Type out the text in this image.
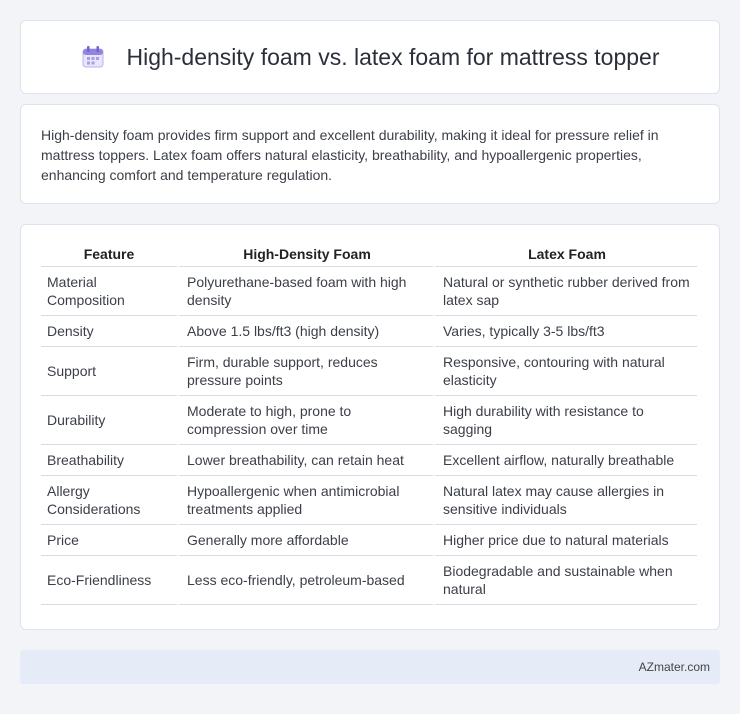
High-density foam vs. latex foam for mattress topper

High-density foam provides firm support and excellent durability, making it ideal for pressure relief in mattress toppers. Latex foam offers natural elasticity, breathability, and hypoallergenic properties, enhancing comfort and temperature regulation.

Feature	High-Density Foam	Latex Foam
Material Composition	Polyurethane-based foam with high density	Natural or synthetic rubber derived from latex sap
Density	Above 1.5 lbs/ft3 (high density)	Varies, typically 3-5 lbs/ft3
Support	Firm, durable support, reduces pressure points	Responsive, contouring with natural elasticity
Durability	Moderate to high, prone to compression over time	High durability with resistance to sagging
Breathability	Lower breathability, can retain heat	Excellent airflow, naturally breathable
Allergy Considerations	Hypoallergenic when antimicrobial treatments applied	Natural latex may cause allergies in sensitive individuals
Price	Generally more affordable	Higher price due to natural materials
Eco-Friendliness	Less eco-friendly, petroleum-based	Biodegradable and sustainable when natural
AZmater.com
